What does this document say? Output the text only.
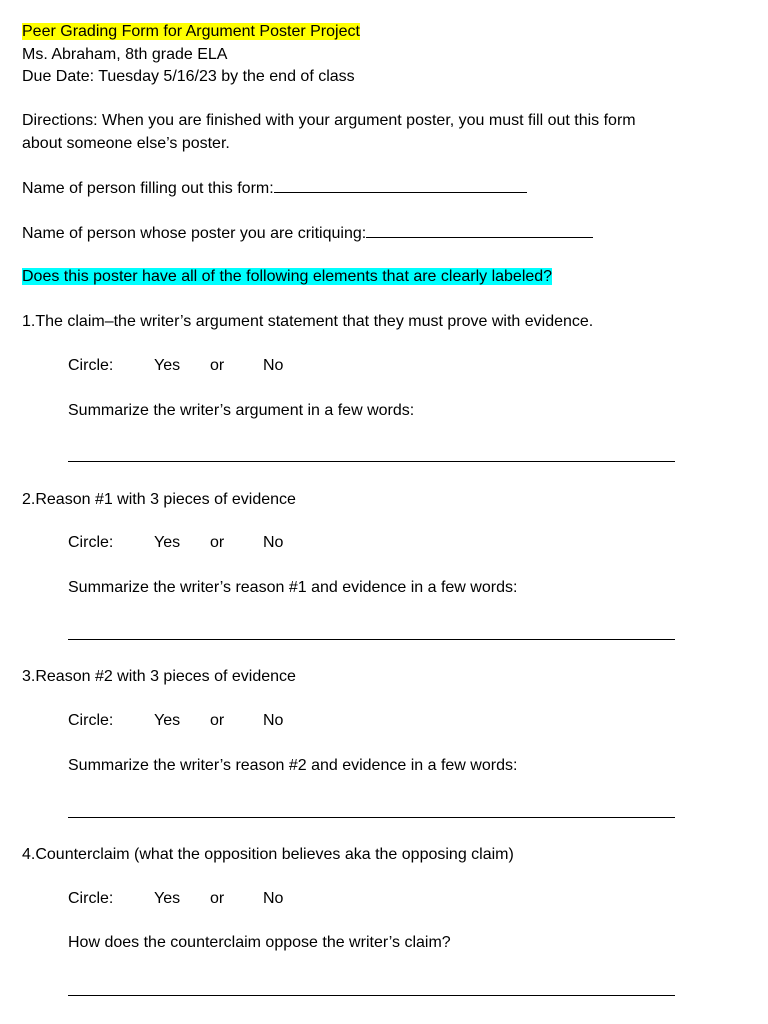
Peer Grading Form for Argument Poster Project
Ms. Abraham, 8th grade ELA
Due Date: Tuesday 5/16/23 by the end of class
Directions: When you are finished with your argument poster, you must fill out this form
about someone else’s poster.
Name of person filling out this form:
Name of person whose poster you are critiquing:
Does this poster have all of the following elements that are clearly labeled?
1.The claim–the writer’s argument statement that they must prove with evidence.
Circle:	Yes or No
Summarize the writer’s argument in a few words:
2.Reason #1 with 3 pieces of evidence
Circle:	Yes or No
Summarize the writer’s reason #1 and evidence in a few words:
3.Reason #2 with 3 pieces of evidence
Circle:	Yes or No
Summarize the writer’s reason #2 and evidence in a few words:
4.Counterclaim (what the opposition believes aka the opposing claim)
Circle:	Yes or No
How does the counterclaim oppose the writer’s claim?
